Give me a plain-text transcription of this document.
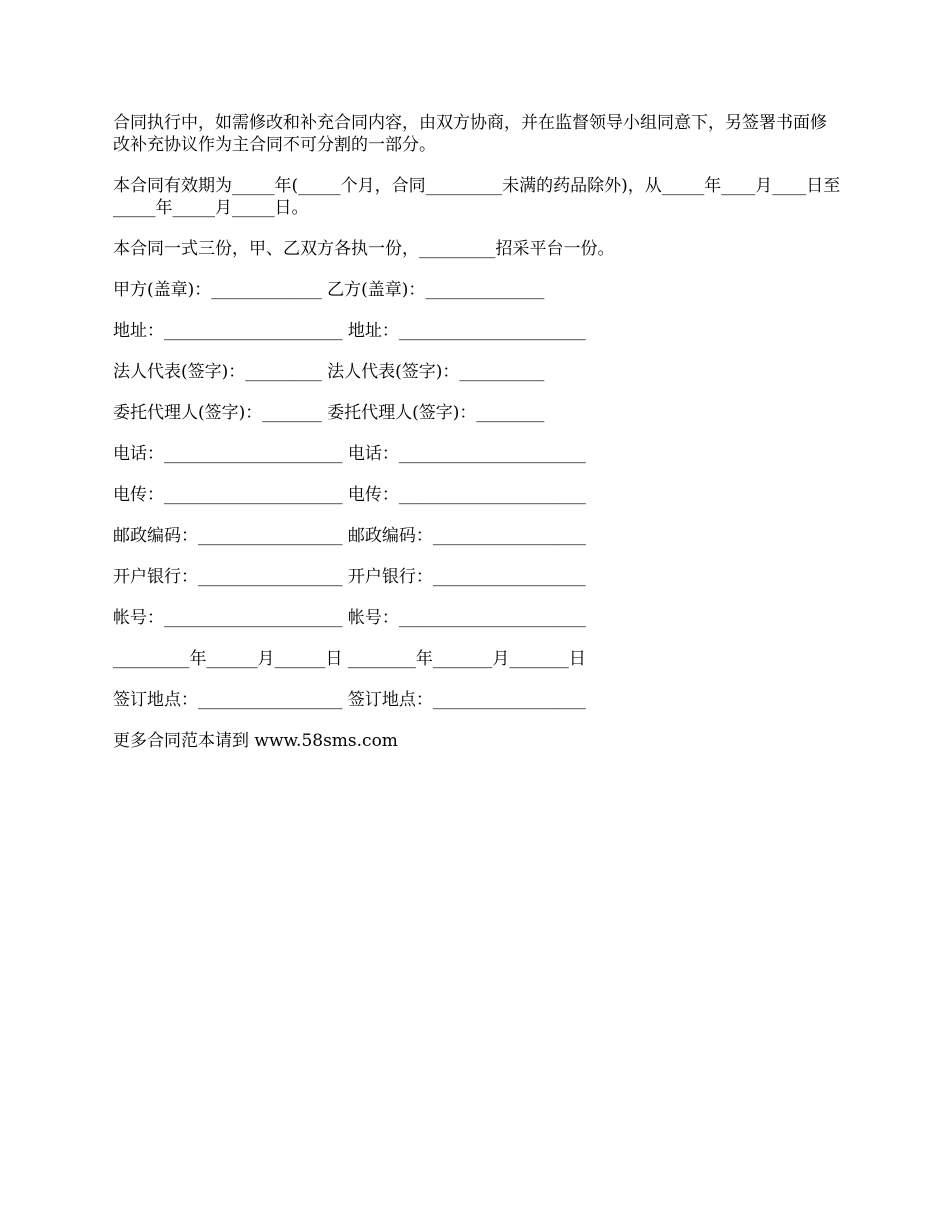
合同执行中，如需修改和补充合同内容，由双方协商，并在监督领导小组同意下，另签署书面修改补充协议作为主合同不可分割的一部分。

本合同有效期为_____年(_____个月，合同_________未满的药品除外)，从_____年____月____日至_____年_____月_____日。

本合同一式三份，甲、乙双方各执一份，_________招采平台一份。

甲方(盖章)：_____________ 乙方(盖章)：______________
地址：_____________________ 地址：______________________
法人代表(签字)：_________ 法人代表(签字)：__________
委托代理人(签字)：_______ 委托代理人(签字)：________
电话：_____________________ 电话：______________________
电传：_____________________ 电传：______________________
邮政编码：_________________ 邮政编码：__________________
开户银行：_________________ 开户银行：__________________
帐号：_____________________ 帐号：______________________
_________年______月______日 ________年_______月_______日
签订地点：_________________ 签订地点：__________________
更多合同范本请到 www.58sms.com
